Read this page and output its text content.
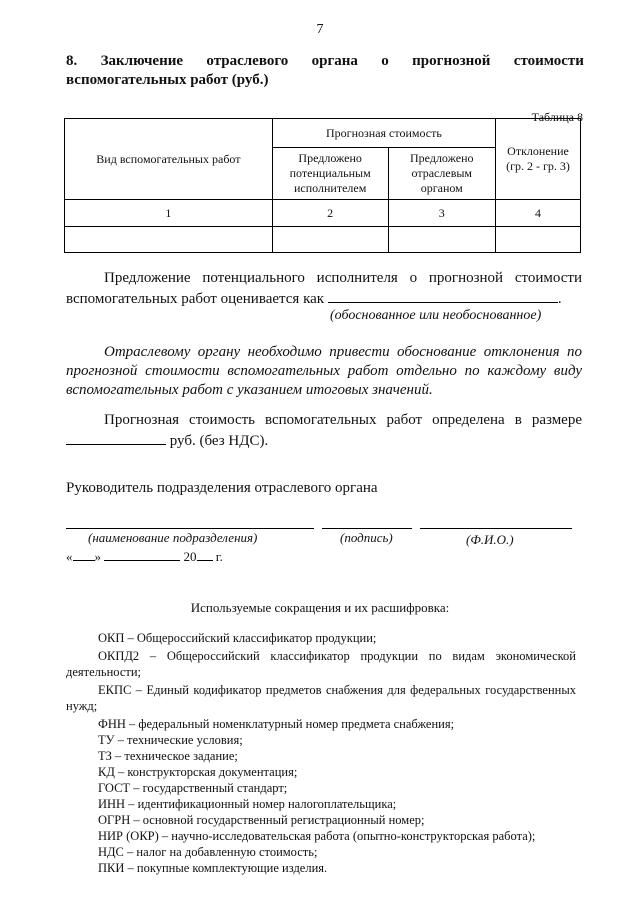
7
8. Заключение отраслевого органа о прогнозной стоимости
вспомогательных работ (руб.)
Таблица 8
Вид вспомогательных работ	Прогнозная стоимость		Отклонение (гр. 2 - гр. 3)
	Предложено потенциальным исполнителем	Предложено отраслевым органом	
1	2	3	4

Предложение потенциального исполнителя о прогнозной стоимости вспомогательных работ оценивается как	.

(обоснованное или необоснованное)

Отраслевому органу необходимо привести обоснование отклонения по прогнозной стоимости вспомогательных работ отдельно по каждому виду вспомогательных работ с указанием итоговых значений.

Прогнозная стоимость вспомогательных работ определена в размере  руб. (без НДС).

Руководитель подразделения отраслевого органа
(наименование подразделения)	(подпись)	(Ф.И.О.)
« »	20 г.
Используемые сокращения и их расшифровка:
ОКП – Общероссийский классификатор продукции;
ОКПД2 – Общероссийский классификатор продукции по видам экономической деятельности;
ЕКПС – Единый кодификатор предметов снабжения для федеральных государственных нужд;
ФНН – федеральный номенклатурный номер предмета снабжения;
ТУ – технические условия;
ТЗ – техническое задание;
КД – конструкторская документация;
ГОСТ – государственный стандарт;
ИНН – идентификационный номер налогоплательщика;
ОГРН – основной государственный регистрационный номер;
НИР (ОКР) – научно-исследовательская работа (опытно-конструкторская работа);
НДС – налог на добавленную стоимость;
ПКИ – покупные комплектующие изделия.
